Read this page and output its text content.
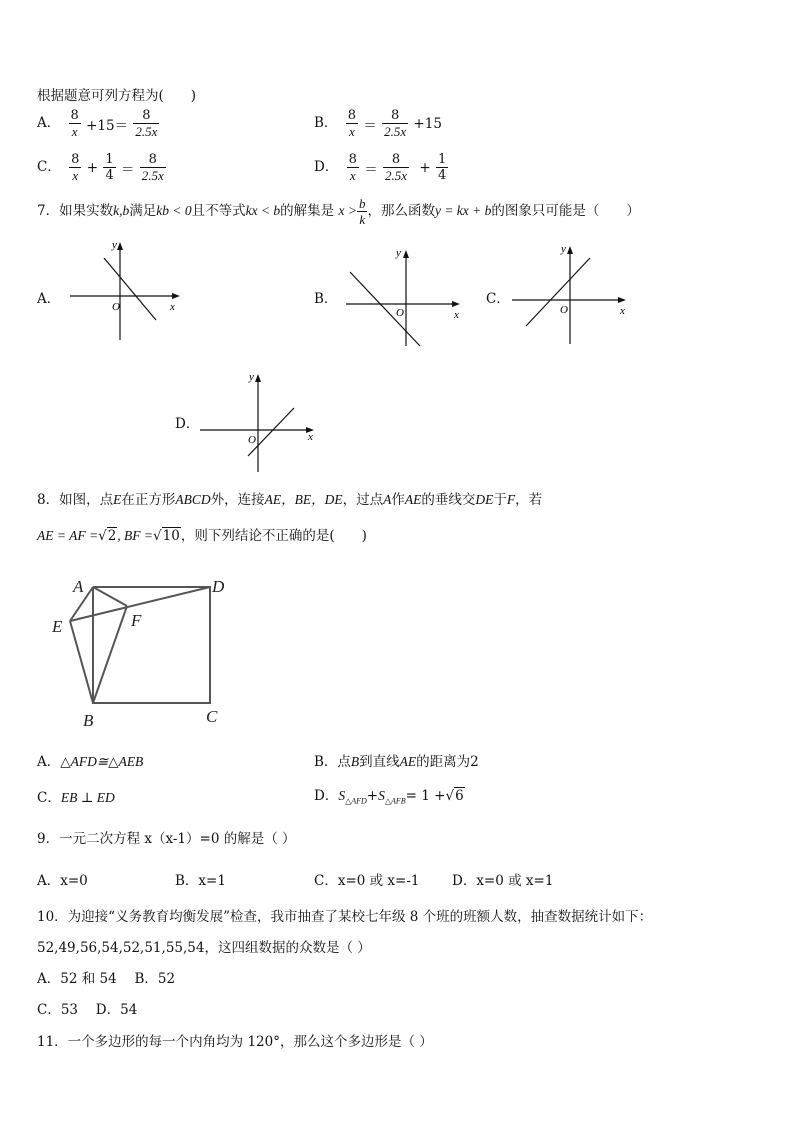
根据题意可列方程为(　　)
A． $\frac{8}{x} +15= \frac{8}{2.5x}$	B． $\frac{8}{x} = \frac{8}{2.5x} +15$
C． $\frac{8}{x} + \frac{1}{4} = \frac{8}{2.5x}$	D． $\frac{8}{x} = \frac{8}{2.5x} + \frac{1}{4}$
7．如果实数k,b满足kb < 0且不等式kx < b的解集是 $x > \frac{b}{k}$ ，那么函数y = kx + b的图象只可能是（　　）
A．	O	x
y
B．
O	x
y
C．
O	x
y
D．
O	x
y
8．如图，点E在正方形ABCD外，连接AE，BE，DE，过点A作AE的垂线交DE于F，若
AE = AF =√2, BF =√10，则下列结论不正确的是(　　)
A	D
E	F
B	C
A．△AFD≅△AEB	B．点B到直线AE的距离为2
C．EB ⊥ ED	D．$S_{\triangle AFD}+S_{\triangle AFB}= 1 +√6$
9．一元二次方程 x（x-1）=0 的解是（ ）
A．x=0	B．x=1	C．x=0 或 x=-1 D．x=0 或 x=1
10．为迎接“义务教育均衡发展”检查，我市抽查了某校七年级 8 个班的班额人数，抽查数据统计如下：
52,49,56,54,52,51,55,54，这四组数据的众数是（ ）
A．52 和 54　 B．52
C．53　 D．54
11．一个多边形的每一个内角均为 120°，那么这个多边形是（ ）
